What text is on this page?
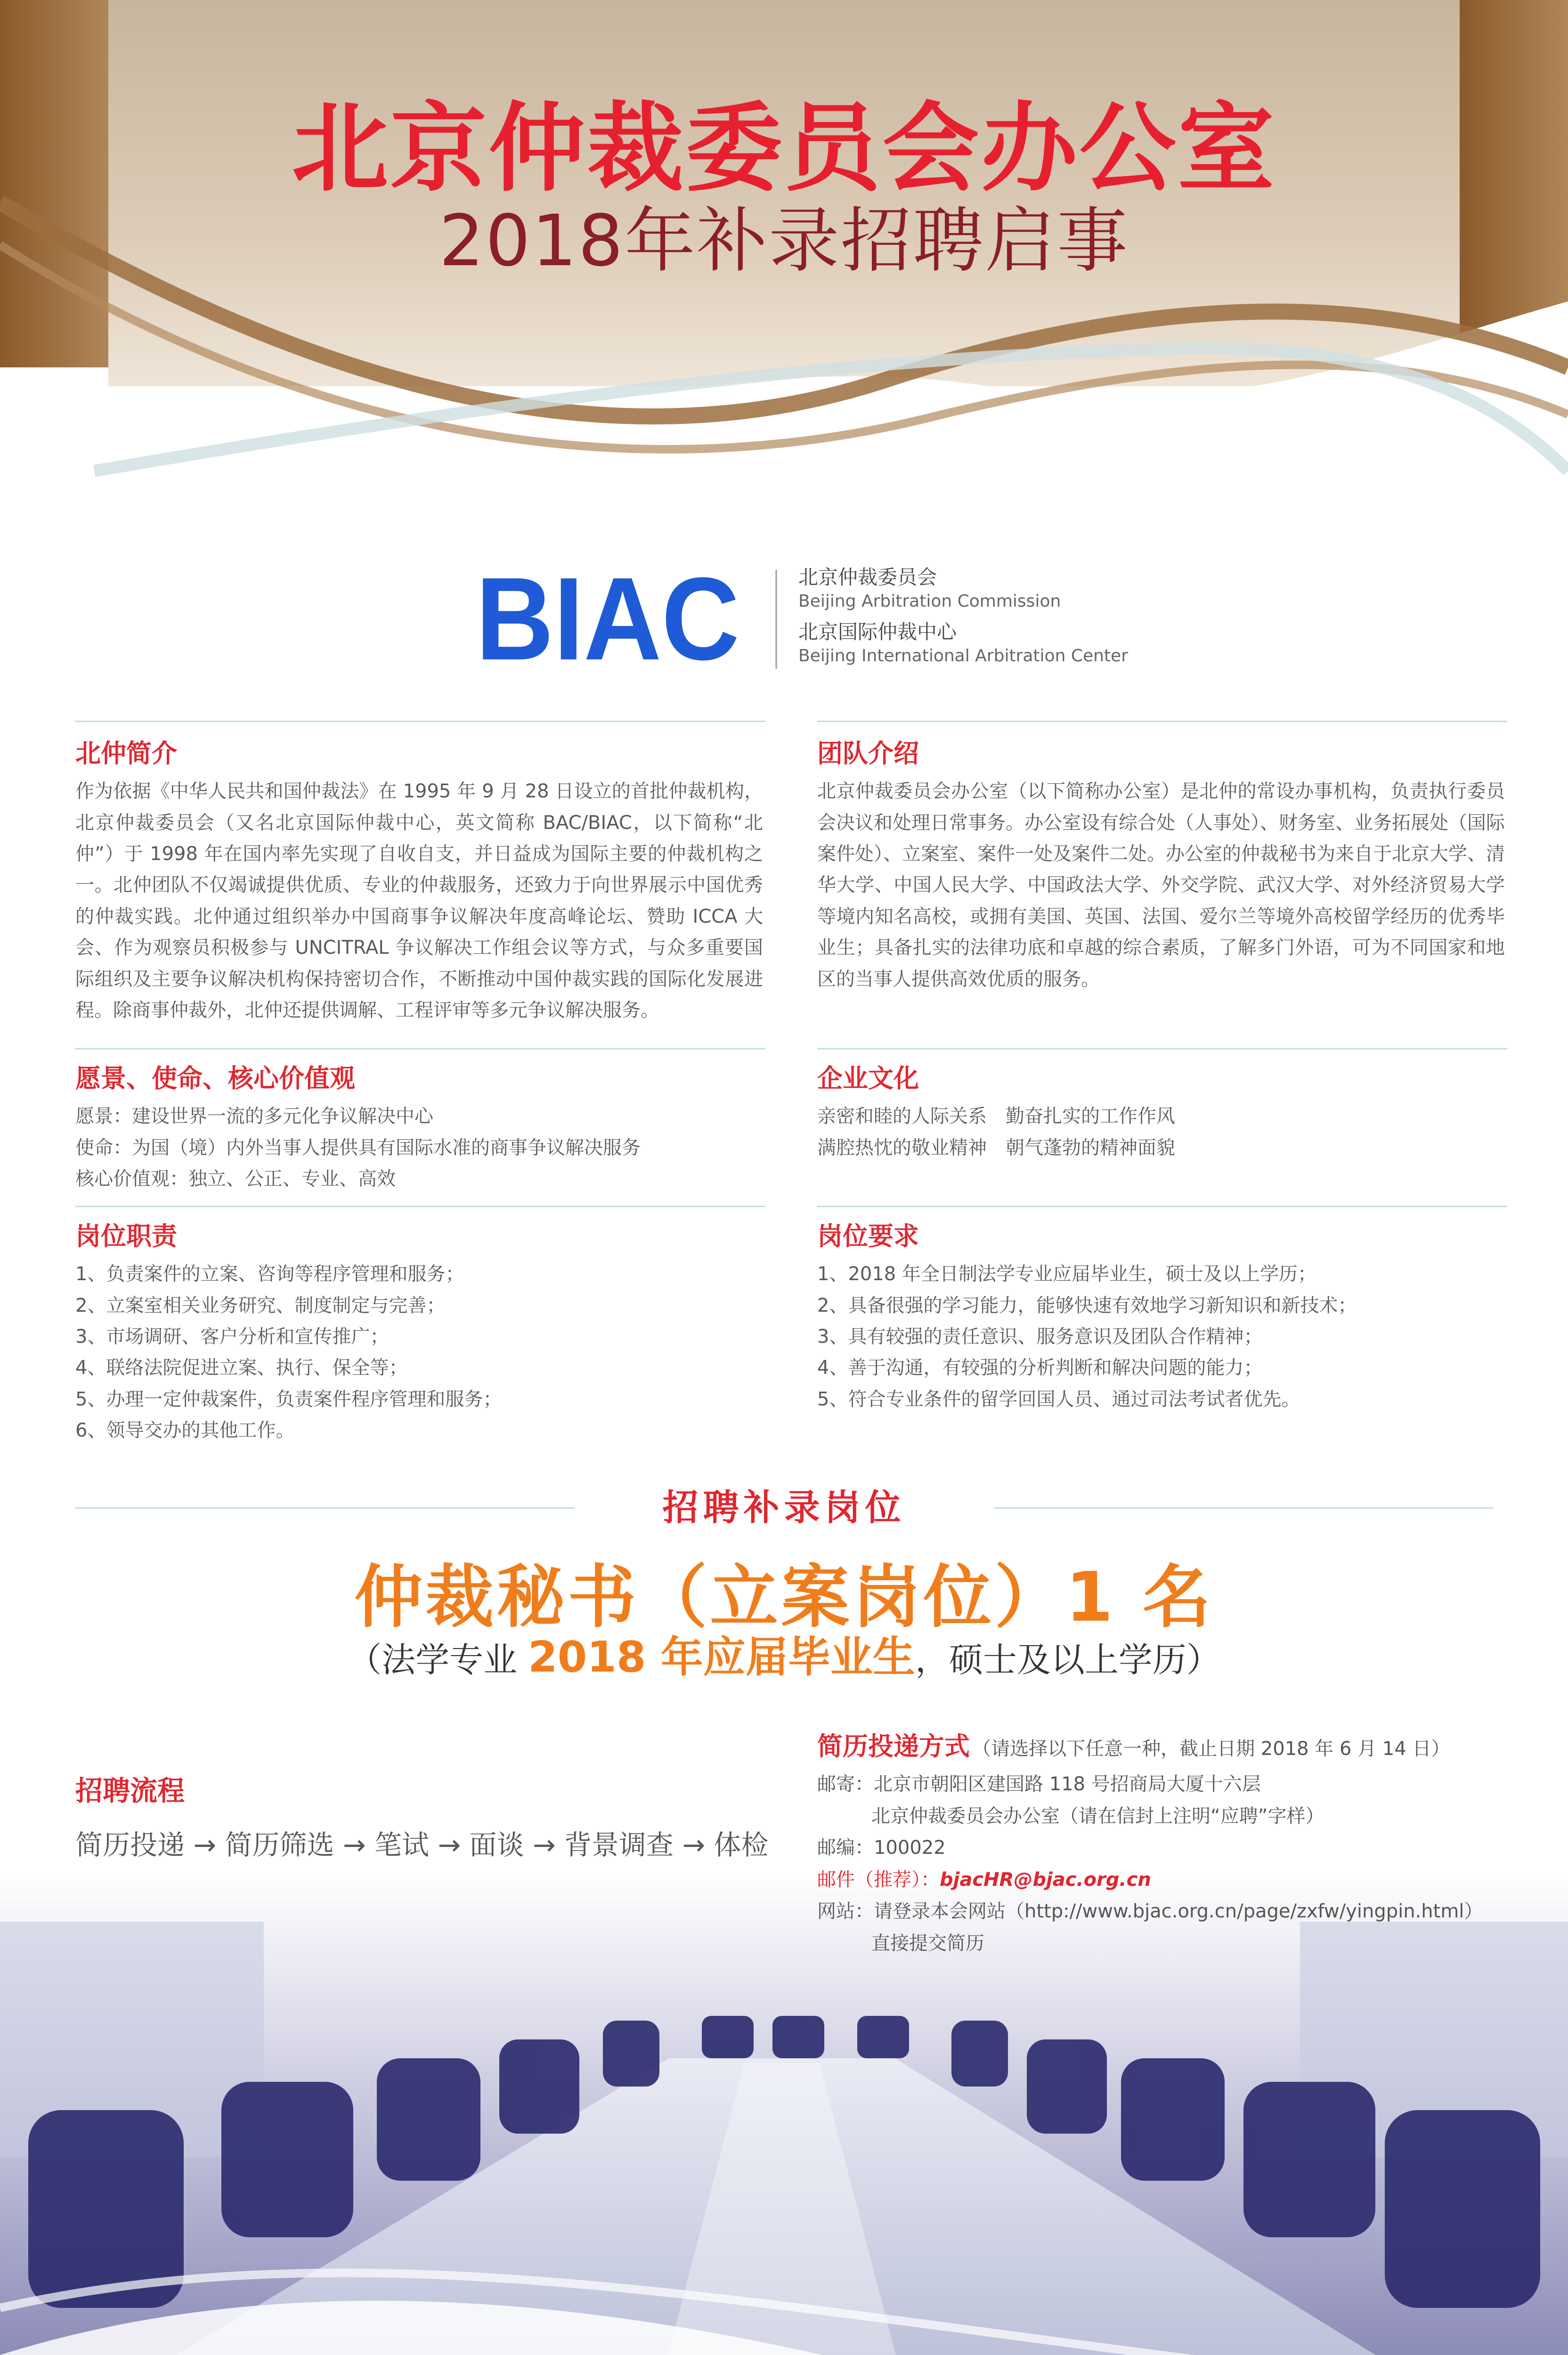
北京仲裁委员会办公室
2018年补录招聘启事
BIAC	北京仲裁委员会
Beijing Arbitration Commission
北京国际仲裁中心
Beijing International Arbitration Center
北仲简介

作为依据《中华人民共和国仲裁法》在 1995 年 9 月 28 日设立的首批仲裁机构，北京仲裁委员会（又名北京国际仲裁中心，英文简称 BAC/BIAC，以下简称“北仲”）于 1998 年在国内率先实现了自收自支，并日益成为国际主要的仲裁机构之一。北仲团队不仅竭诚提供优质、专业的仲裁服务，还致力于向世界展示中国优秀的仲裁实践。北仲通过组织举办中国商事争议解决年度高峰论坛、赞助 ICCA 大会、作为观察员积极参与 UNCITRAL 争议解决工作组会议等方式，与众多重要国际组织及主要争议解决机构保持密切合作，不断推动中国仲裁实践的国际化发展进程。除商事仲裁外，北仲还提供调解、工程评审等多元争议解决服务。

团队介绍

北京仲裁委员会办公室（以下简称办公室）是北仲的常设办事机构，负责执行委员会决议和处理日常事务。办公室设有综合处（人事处）、财务室、业务拓展处（国际案件处）、立案室、案件一处及案件二处。办公室的仲裁秘书为来自于北京大学、清华大学、中国人民大学、中国政法大学、外交学院、武汉大学、对外经济贸易大学等境内知名高校，或拥有美国、英国、法国、爱尔兰等境外高校留学经历的优秀毕业生；具备扎实的法律功底和卓越的综合素质，了解多门外语，可为不同国家和地区的当事人提供高效优质的服务。

愿景、使命、核心价值观
愿景：建设世界一流的多元化争议解决中心
使命：为国（境）内外当事人提供具有国际水准的商事争议解决服务
核心价值观：独立、公正、专业、高效
企业文化
亲密和睦的人际关系　勤奋扎实的工作作风
满腔热忱的敬业精神　朝气蓬勃的精神面貌
岗位职责
1、负责案件的立案、咨询等程序管理和服务；
2、立案室相关业务研究、制度制定与完善；
3、市场调研、客户分析和宣传推广；
4、联络法院促进立案、执行、保全等；
5、办理一定仲裁案件，负责案件程序管理和服务；
6、领导交办的其他工作。
岗位要求
1、2018 年全日制法学专业应届毕业生，硕士及以上学历；
2、具备很强的学习能力，能够快速有效地学习新知识和新技术；
3、具有较强的责任意识、服务意识及团队合作精神；
4、善于沟通，有较强的分析判断和解决问题的能力；
5、符合专业条件的留学回国人员、通过司法考试者优先。
招聘补录岗位
仲裁秘书（立案岗位）1 名
（法学专业 2018 年应届毕业生，硕士及以上学历）
招聘流程
简历投递 → 简历筛选 → 笔试 → 面谈 → 背景调查 → 体检
简历投递方式 （请选择以下任意一种，截止日期 2018 年 6 月 14 日）
邮寄：北京市朝阳区建国路 118 号招商局大厦十六层
北京仲裁委员会办公室（请在信封上注明“应聘”字样）
邮编：100022
邮件（推荐）：bjacHR@bjac.org.cn
网站：请登录本会网站（http://www.bjac.org.cn/page/zxfw/yingpin.html）
直接提交简历
